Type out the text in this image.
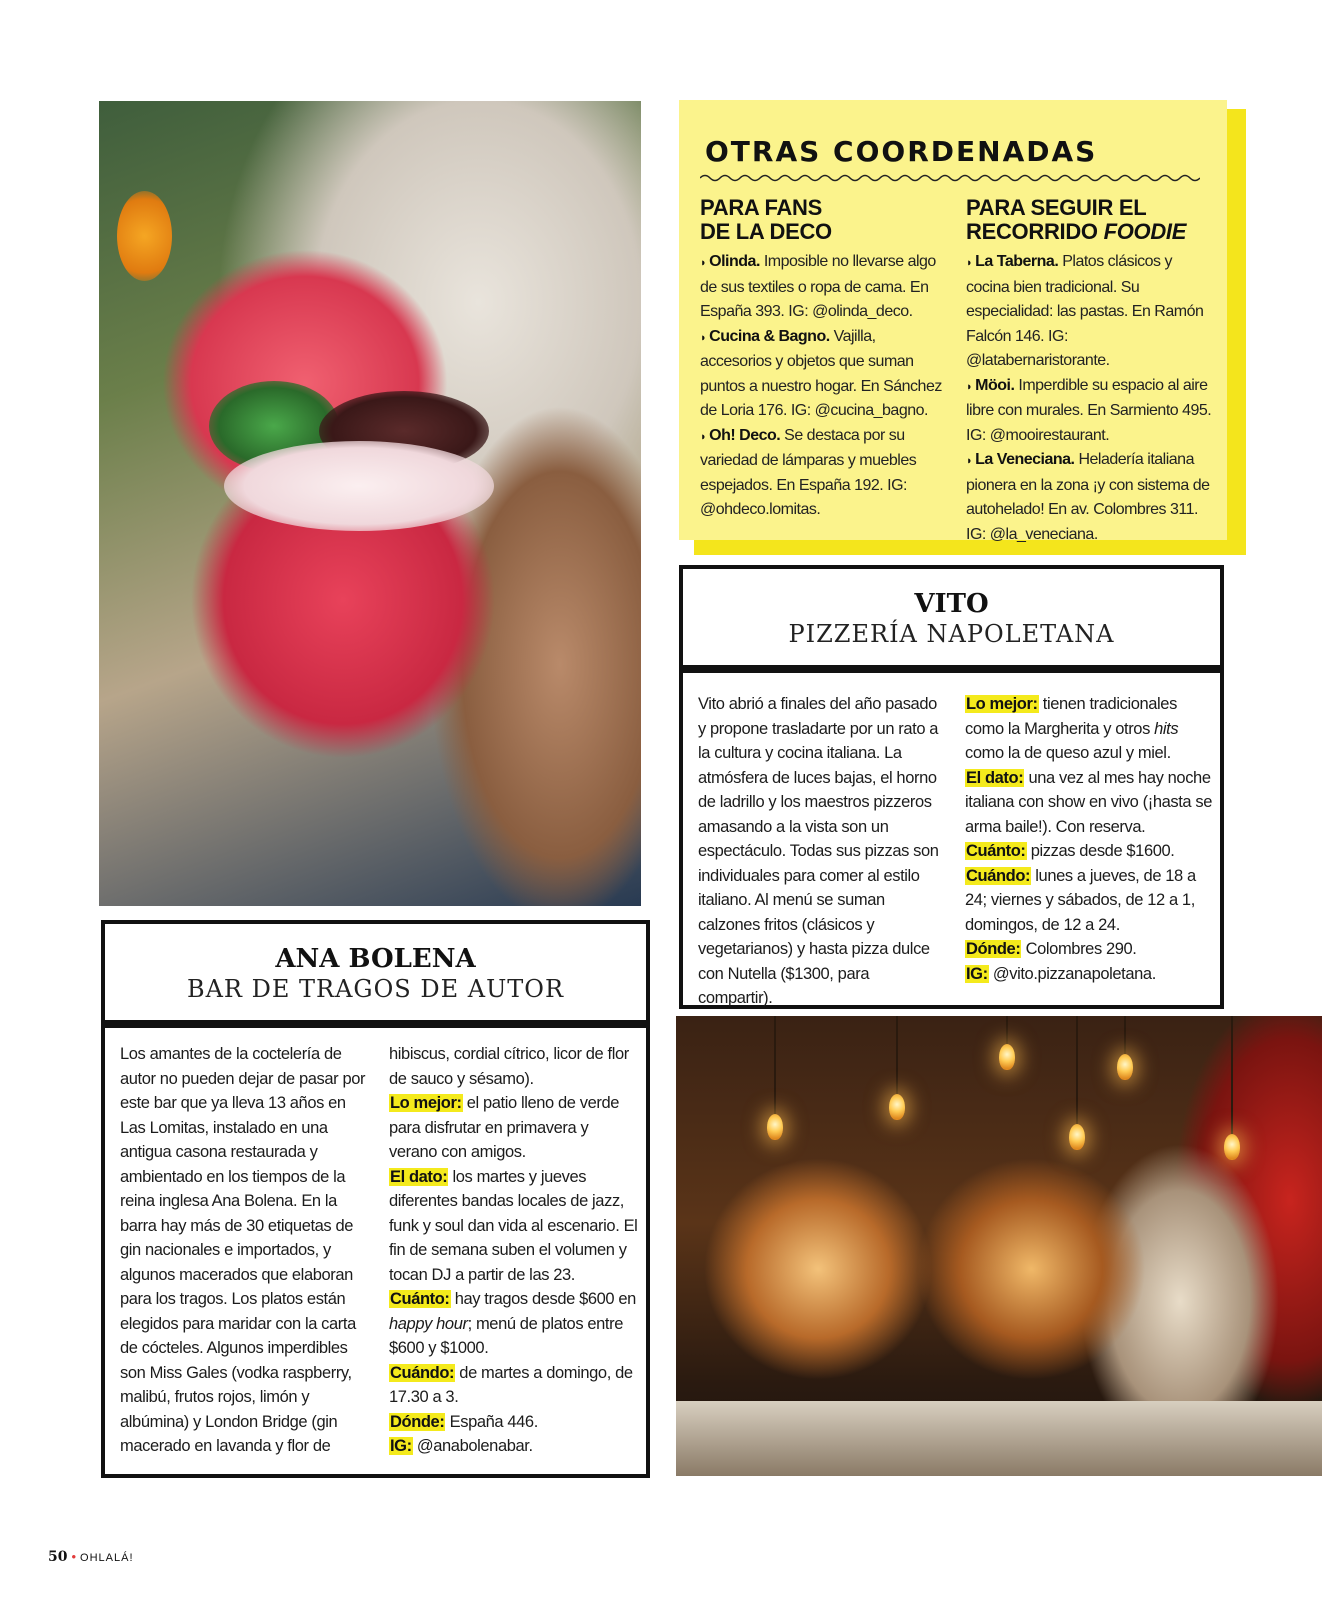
OTRAS COORDENADAS
PARA FANS
DE LA DECO

◗ Olinda. Imposible no llevarse algo de sus textiles o ropa de cama. En España 393. IG: @olinda_deco.
◗ Cucina & Bagno. Vajilla, accesorios y objetos que suman puntos a nuestro hogar. En Sánchez de Loria 176. IG: @cucina_bagno.
◗ Oh! Deco. Se destaca por su variedad de lámparas y muebles espejados. En España 192. IG: @ohdeco.lomitas.

PARA SEGUIR EL
RECORRIDO FOODIE

◗ La Taberna. Platos clásicos y cocina bien tradicional. Su especialidad: las pastas. En Ramón Falcón 146. IG: @latabernaristorante.
◗ Möoi. Imperdible su espacio al aire libre con murales. En Sarmiento 495. IG: @mooirestaurant.
◗ La Veneciana. Heladería italiana pionera en la zona ¡y con sistema de autohelado! En av. Colombres 311. IG: @la_veneciana.

VITO

PIZZERÍA NAPOLETANA

Vito abrió a finales del año pasado y propone trasladarte por un rato a la cultura y cocina italiana. La atmósfera de luces bajas, el horno de ladrillo y los maestros pizzeros amasando a la vista son un espectáculo. Todas sus pizzas son individuales para comer al estilo italiano. Al menú se suman calzones fritos (clásicos y vegetarianos) y hasta pizza dulce con Nutella ($1300, para compartir).

Lo mejor: tienen tradicionales como la Margherita y otros hits como la de queso azul y miel.

El dato: una vez al mes hay noche italiana con show en vivo (¡hasta se arma baile!). Con reserva.

Cuánto: pizzas desde $1600.

Cuándo: lunes a jueves, de 18 a 24; viernes y sábados, de 12 a 1, domingos, de 12 a 24.

Dónde: Colombres 290.

IG: @vito.pizzanapoletana.

ANA BOLENA

BAR DE TRAGOS DE AUTOR

50 • OHLALÁ!

Los amantes de la coctelería de autor no pueden dejar de pasar por este bar que ya lleva 13 años en Las Lomitas, instalado en una antigua casona restaurada y ambientado en los tiempos de la reina inglesa Ana Bolena. En la barra hay más de 30 etiquetas de gin nacionales e importados, y algunos macerados que elaboran para los tragos. Los platos están elegidos para maridar con la carta de cócteles. Algunos imperdibles son Miss Gales (vodka raspberry, malibú, frutos rojos, limón y albúmina) y London Bridge (gin macerado en lavanda y flor de hibiscus, cordial cítrico, licor de flor de sauco y sésamo).

Lo mejor: el patio lleno de verde para disfrutar en primavera y verano con amigos.

El dato: los martes y jueves diferentes bandas locales de jazz, funk y soul dan vida al escenario. El fin de semana suben el volumen y tocan DJ a partir de las 23.

Cuánto: hay tragos desde $600 en happy hour; menú de platos entre $600 y $1000.

Cuándo: de martes a domingo, de 17.30 a 3.

Dónde: España 446.

IG: @anabolenabar.
